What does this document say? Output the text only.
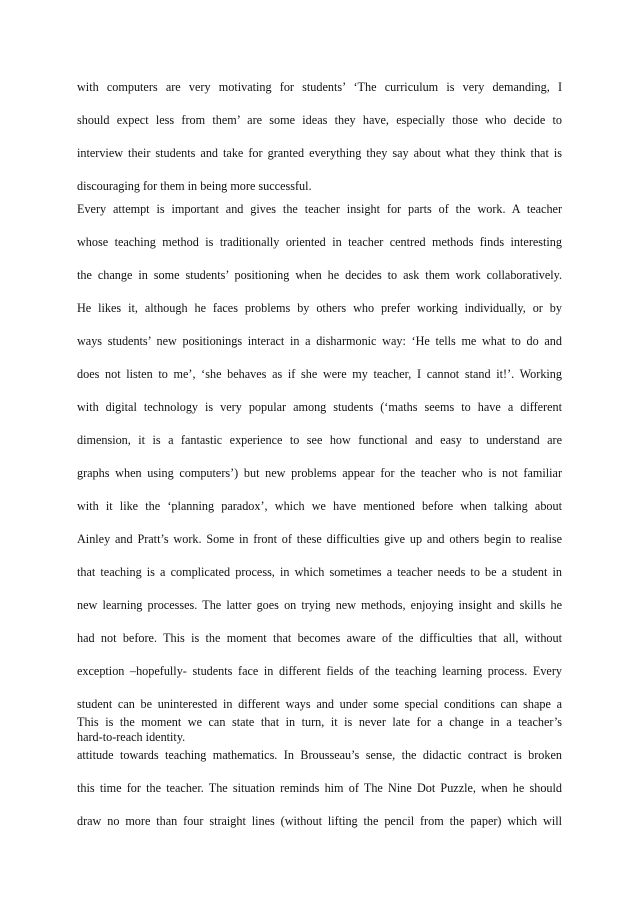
with computers are very motivating for students’ ‘The curriculum is very demanding, I
should expect less from them’ are some ideas they have, especially those who decide to
interview their students and take for granted everything they say about what they think that is
discouraging for them in being more successful.
Every attempt is important and gives the teacher insight for parts of the work. A teacher
whose teaching method is traditionally oriented in teacher centred methods finds interesting
the change in some students’ positioning when he decides to ask them work collaboratively.
He likes it, although he faces problems by others who prefer working individually, or by
ways students’ new positionings interact in a disharmonic way: ‘He tells me what to do and
does not listen to me’, ‘she behaves as if she were my teacher, I cannot stand it!’. Working
with digital technology is very popular among students (‘maths seems to have a different
dimension, it is a fantastic experience to see how functional and easy to understand are
graphs when using computers’) but new problems appear for the teacher who is not familiar
with it like the ‘planning paradox’, which we have mentioned before when talking about
Ainley and Pratt’s work. Some in front of these difficulties give up and others begin to realise
that teaching is a complicated process, in which sometimes a teacher needs to be a student in
new learning processes. The latter goes on trying new methods, enjoying insight and skills he
had not before. This is the moment that becomes aware of the difficulties that all, without
exception –hopefully- students face in different fields of the teaching learning process. Every
student can be uninterested in different ways and under some special conditions can shape a
hard-to-reach identity.
This is the moment we can state that in turn, it is never late for a change in a teacher’s
attitude towards teaching mathematics. In Brousseau’s sense, the didactic contract is broken
this time for the teacher. The situation reminds him of The Nine Dot Puzzle, when he should
draw no more than four straight lines (without lifting the pencil from the paper) which will
